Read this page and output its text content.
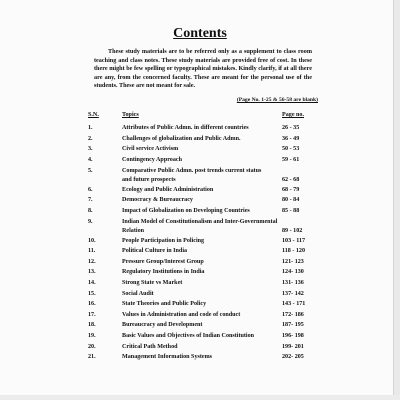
Contents

These study materials are to be referred only as a supplement to class room teaching and class notes. These study materials are provided free of cost. In these there might be few spelling or typographical mistakes. Kindly clarify, if at all there are any, from the concerned faculty. These are meant for the personal use of the students. These are not meant for sale.

(Page No. 1-25 & 56-58 are blank)
S.N.	Topics	Page no.
1.	Attributes of Public Admn. in different countries	26 - 35
2.	Challenges of globalization and Public Admn.	36 - 49
3.	Civil service Activism	50 - 53
4.	Contingency Approach	59 - 61
5.	Comparative Public Admn. post trends current status
and future prospects	62 - 68
6.	Ecology and Public Administration	68 - 79
7.	Democracy & Bureaucracy	80 - 84
8.	Impact of Globalization on Developing Countries	85 - 88
9.	Indian Model of Constitutionalism and Inter-Governmental
Relation	89 - 102
10.	People Participation in Policing	103 - 117
11.	Political Culture in India	118 - 120
12.	Pressure Group/Interest Group	121- 123
13.	Regulatory Institutions in India	124- 130
14.	Strong State vs Market	131- 136
15.	Social Audit	137- 142
16.	State Theories and Public Policy	143 - 171
17.	Values in Administration and code of conduct	172- 186
18.	Bureaucracy and Development	187- 195
19.	Basic Values and Objectives of Indian Constitution	196- 198
20.	Critical Path Method	199- 201
21.	Management Information Systems	202- 205
